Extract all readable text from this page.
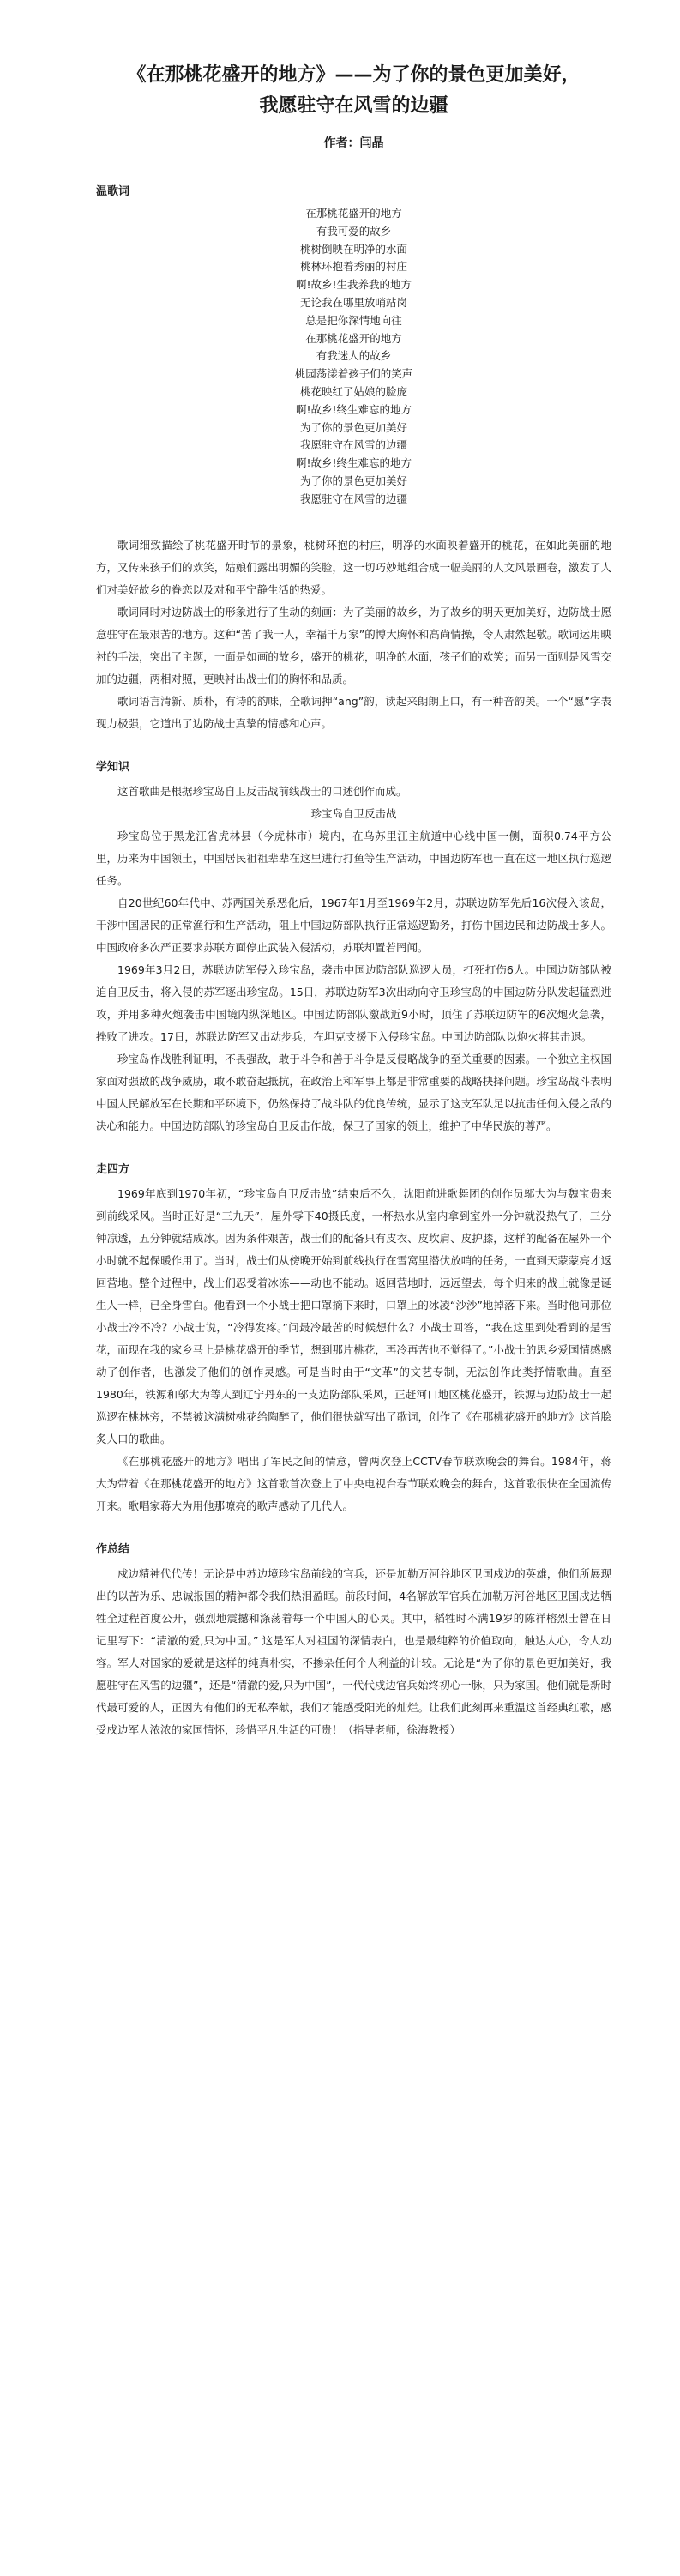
《在那桃花盛开的地方》——为了你的景色更加美好，
我愿驻守在风雪的边疆
作者：闫晶
温歌词
在那桃花盛开的地方
有我可爱的故乡
桃树倒映在明净的水面
桃林环抱着秀丽的村庄
啊!故乡!生我养我的地方
无论我在哪里放哨站岗
总是把你深情地向往
在那桃花盛开的地方
有我迷人的故乡
桃园荡漾着孩子们的笑声
桃花映红了姑娘的脸庞
啊!故乡!终生难忘的地方
为了你的景色更加美好
我愿驻守在风雪的边疆
啊!故乡!终生难忘的地方
为了你的景色更加美好
我愿驻守在风雪的边疆

歌词细致描绘了桃花盛开时节的景象，桃树环抱的村庄，明净的水面映着盛开的桃花，在如此美丽的地方，又传来孩子们的欢笑，姑娘们露出明媚的笑脸，这一切巧妙地组合成一幅美丽的人文风景画卷，激发了人们对美好故乡的眷恋以及对和平宁静生活的热爱。

歌词同时对边防战士的形象进行了生动的刻画：为了美丽的故乡，为了故乡的明天更加美好，边防战士愿意驻守在最艰苦的地方。这种“苦了我一人，幸福千万家”的博大胸怀和高尚情操，令人肃然起敬。歌词运用映衬的手法，突出了主题，一面是如画的故乡，盛开的桃花，明净的水面，孩子们的欢笑；而另一面则是风雪交加的边疆，两相对照，更映衬出战士们的胸怀和品质。

歌词语言清新、质朴，有诗的韵味，全歌词押“ang”韵，读起来朗朗上口，有一种音韵美。一个“愿”字表现力极强，它道出了边防战士真挚的情感和心声。

学知识

这首歌曲是根据珍宝岛自卫反击战前线战士的口述创作而成。

珍宝岛自卫反击战

珍宝岛位于黑龙江省虎林县（今虎林市）境内，在乌苏里江主航道中心线中国一侧，面积0.74平方公里，历来为中国领土，中国居民祖祖辈辈在这里进行打鱼等生产活动，中国边防军也一直在这一地区执行巡逻任务。

自20世纪60年代中、苏两国关系恶化后，1967年1月至1969年2月，苏联边防军先后16次侵入该岛，干涉中国居民的正常渔行和生产活动，阻止中国边防部队执行正常巡逻勤务，打伤中国边民和边防战士多人。中国政府多次严正要求苏联方面停止武装入侵活动，苏联却置若罔闻。

1969年3月2日，苏联边防军侵入珍宝岛，袭击中国边防部队巡逻人员，打死打伤6人。中国边防部队被迫自卫反击，将入侵的苏军逐出珍宝岛。15日，苏联边防军3次出动向守卫珍宝岛的中国边防分队发起猛烈进攻，并用多种火炮袭击中国境内纵深地区。中国边防部队激战近9小时，顶住了苏联边防军的6次炮火急袭，挫败了进攻。17日，苏联边防军又出动步兵，在坦克支援下入侵珍宝岛。中国边防部队以炮火将其击退。

珍宝岛作战胜利证明，不畏强敌，敢于斗争和善于斗争是反侵略战争的至关重要的因素。一个独立主权国家面对强敌的战争威胁，敢不敢奋起抵抗，在政治上和军事上都是非常重要的战略抉择问题。珍宝岛战斗表明中国人民解放军在长期和平环境下，仍然保持了战斗队的优良传统，显示了这支军队足以抗击任何入侵之敌的决心和能力。中国边防部队的珍宝岛自卫反击作战，保卫了国家的领土，维护了中华民族的尊严。

走四方

1969年底到1970年初，“珍宝岛自卫反击战”结束后不久，沈阳前进歌舞团的创作员邬大为与魏宝贵来到前线采风。当时正好是“三九天”，屋外零下40摄氏度，一杯热水从室内拿到室外一分钟就没热气了，三分钟凉透，五分钟就结成冰。因为条件艰苦，战士们的配备只有皮衣、皮坎肩、皮护膝，这样的配备在屋外一个小时就不起保暖作用了。当时，战士们从傍晚开始到前线执行在雪窝里潜伏放哨的任务，一直到天蒙蒙亮才返回营地。整个过程中，战士们忍受着冰冻——动也不能动。返回营地时，远远望去，每个归来的战士就像是诞生人一样，已全身雪白。他看到一个小战士把口罩摘下来时，口罩上的冰凌“沙沙”地掉落下来。当时他问那位小战士冷不冷？小战士说，“冷得发疼。”问最冷最苦的时候想什么？小战士回答，“我在这里到处看到的是雪花，而现在我的家乡马上是桃花盛开的季节，想到那片桃花，再冷再苦也不觉得了。”小战士的思乡爱国情感感动了创作者，也激发了他们的创作灵感。可是当时由于“文革”的文艺专制，无法创作此类抒情歌曲。直至1980年，铁源和邬大为等人到辽宁丹东的一支边防部队采风，正赶河口地区桃花盛开，铁源与边防战士一起巡逻在桃林旁，不禁被这满树桃花给陶醉了，他们很快就写出了歌词，创作了《在那桃花盛开的地方》这首脍炙人口的歌曲。

《在那桃花盛开的地方》唱出了军民之间的情意，曾两次登上CCTV春节联欢晚会的舞台。1984年，蒋大为带着《在那桃花盛开的地方》这首歌首次登上了中央电视台春节联欢晚会的舞台，这首歌很快在全国流传开来。歌唱家蒋大为用他那嘹亮的歌声感动了几代人。

作总结

戍边精神代代传！无论是中苏边境珍宝岛前线的官兵，还是加勒万河谷地区卫国戍边的英雄，他们所展现出的以苦为乐、忠诚报国的精神都令我们热泪盈眶。前段时间，4名解放军官兵在加勒万河谷地区卫国戍边牺牲全过程首度公开，强烈地震撼和涤荡着每一个中国人的心灵。其中，稻牲时不满19岁的陈祥榕烈士曾在日记里写下：“清澈的爱,只为中国。” 这是军人对祖国的深情表白，也是最纯粹的价值取向，触达人心，令人动容。军人对国家的爱就是这样的纯真朴实，不掺杂任何个人利益的计较。无论是“为了你的景色更加美好，我愿驻守在风雪的边疆”，还是“清澈的爱,只为中国”，一代代戍边官兵始终初心一脉，只为家国。他们就是新时代最可爱的人，正因为有他们的无私奉献，我们才能感受阳光的灿烂。让我们此刻再来重温这首经典红歌，感受戍边军人浓浓的家国情怀，珍惜平凡生活的可贵！（指导老师，徐海教授）
